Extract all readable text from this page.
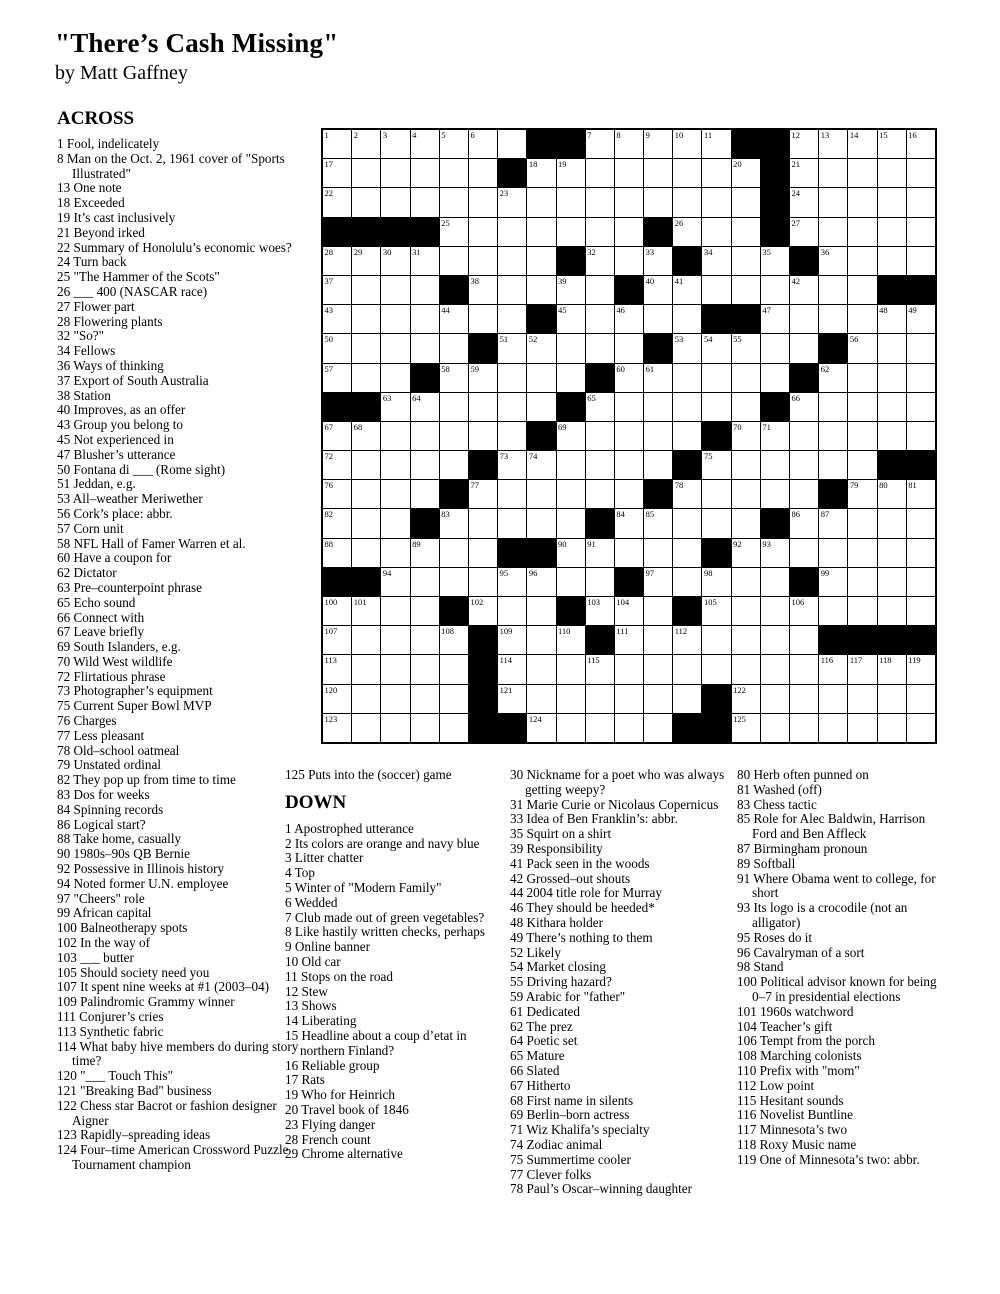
"There’s Cash Missing"
by Matt Gaffney
ACROSS
1 Fool, indelicately
8 Man on the Oct. 2, 1961 cover of "Sports Illustrated"
13 One note
18 Exceeded
19 It’s cast inclusively
21 Beyond irked
22 Summary of Honolulu’s economic woes?
24 Turn back
25 "The Hammer of the Scots"
26 ___ 400 (NASCAR race)
27 Flower part
28 Flowering plants
32 "So?"
34 Fellows
36 Ways of thinking
37 Export of South Australia
38 Station
40 Improves, as an offer
43 Group you belong to
45 Not experienced in
47 Blusher’s utterance
50 Fontana di ___ (Rome sight)
51 Jeddan, e.g.
53 All–weather Meriwether
56 Cork’s place: abbr.
57 Corn unit
58 NFL Hall of Famer Warren et al.
60 Have a coupon for
62 Dictator
63 Pre–counterpoint phrase
65 Echo sound
66 Connect with
67 Leave briefly
69 South Islanders, e.g.
70 Wild West wildlife
72 Flirtatious phrase
73 Photographer’s equipment
75 Current Super Bowl MVP
76 Charges
77 Less pleasant
78 Old–school oatmeal
79 Unstated ordinal
82 They pop up from time to time
83 Dos for weeks
84 Spinning records
86 Logical start?
88 Take home, casually
90 1980s–90s QB Bernie
92 Possessive in Illinois history
94 Noted former U.N. employee
97 "Cheers" role
99 African capital
100 Balneotherapy spots
102 In the way of
103 ___ butter
105 Should society need you
107 It spent nine weeks at #1 (2003–04)
109 Palindromic Grammy winner
111 Conjurer’s cries
113 Synthetic fabric
114 What baby hive members do during story time?
120 "___ Touch This"
121 "Breaking Bad" business
122 Chess star Bacrot or fashion designer Aigner
123 Rapidly–spreading ideas
124 Four–time American Crossword Puzzle Tournament champion
1	2	3	4	5	6	7	8	9	10 11	12 13 14 15 16
17	18 19	20	21
22	23	24
25	26	27
28 29 30 31	32	33	34	35	36
37	38	39	40 41	42
43	44	45	46	47	48 49
50	51 52	53 54 55	56
57	58 59	60 61	62
63 64	65	66
67 68	69	70 71
72	73 74	75
76	77	78	79 80 81
82	83	84 85	86 87
88	89	90 91	92 93
94	95 96	97	98	99
100 101	102	103 104	105	106
107	108	109	110	111	112
113	114	115	116 117 118 119
120	121	122
123	124	125
125 Puts into the (soccer) game
DOWN
1 Apostrophed utterance
2 Its colors are orange and navy blue
3 Litter chatter
4 Top
5 Winter of "Modern Family"
6 Wedded
7 Club made out of green vegetables?
8 Like hastily written checks, perhaps
9 Online banner
10 Old car
11 Stops on the road
12 Stew
13 Shows
14 Liberating
15 Headline about a coup d’etat in northern Finland?
16 Reliable group
17 Rats
19 Who for Heinrich
20 Travel book of 1846
23 Flying danger
28 French count
29 Chrome alternative
30 Nickname for a poet who was always getting weepy?
31 Marie Curie or Nicolaus Copernicus
33 Idea of Ben Franklin’s: abbr.
35 Squirt on a shirt
39 Responsibility
41 Pack seen in the woods
42 Grossed–out shouts
44 2004 title role for Murray
46 They should be heeded*
48 Kithara holder
49 There’s nothing to them
52 Likely
54 Market closing
55 Driving hazard?
59 Arabic for "father"
61 Dedicated
62 The prez
64 Poetic set
65 Mature
66 Slated
67 Hitherto
68 First name in silents
69 Berlin–born actress
71 Wiz Khalifa’s specialty
74 Zodiac animal
75 Summertime cooler
77 Clever folks
78 Paul’s Oscar–winning daughter
80 Herb often punned on
81 Washed (off)
83 Chess tactic
85 Role for Alec Baldwin, Harrison Ford and Ben Affleck
87 Birmingham pronoun
89 Softball
91 Where Obama went to college, for short
93 Its logo is a crocodile (not an alligator)
95 Roses do it
96 Cavalryman of a sort
98 Stand
100 Political advisor known for being 0–7 in presidential elections
101 1960s watchword
104 Teacher’s gift
106 Tempt from the porch
108 Marching colonists
110 Prefix with "mom"
112 Low point
115 Hesitant sounds
116 Novelist Buntline
117 Minnesota’s two
118 Roxy Music name
119 One of Minnesota’s two: abbr.
